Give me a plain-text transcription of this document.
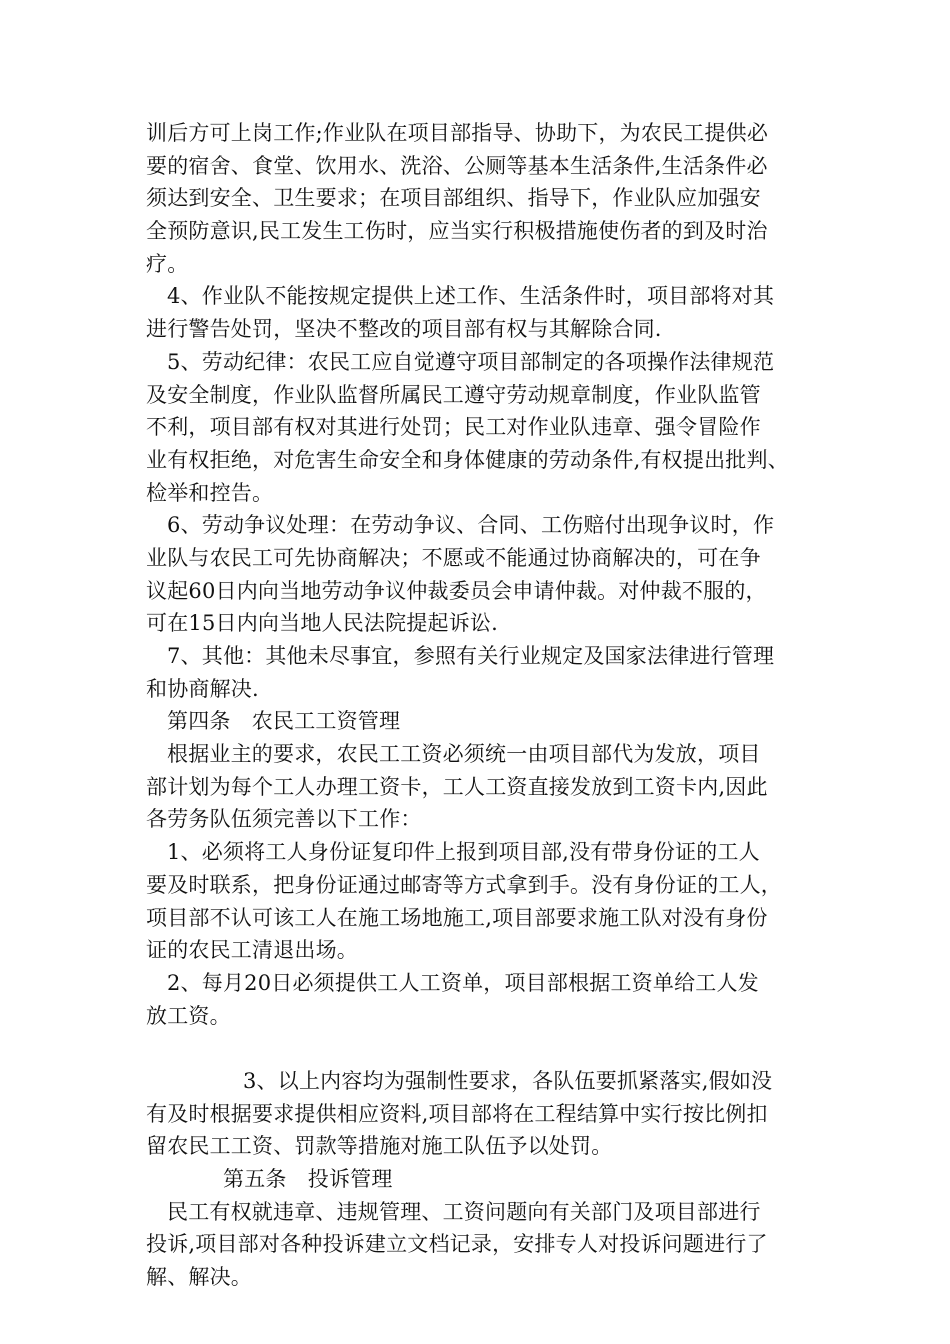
训后方可上岗工作;作业队在项目部指导、协助下，为农民工提供必
要的宿舍、食堂、饮用水、洗浴、公厕等基本生活条件,生活条件必
须达到安全、卫生要求；在项目部组织、指导下，作业队应加强安
全预防意识,民工发生工伤时，应当实行积极措施使伤者的到及时治
疗。
4、作业队不能按规定提供上述工作、生活条件时，项目部将对其
进行警告处罚，坚决不整改的项目部有权与其解除合同.
5、劳动纪律：农民工应自觉遵守项目部制定的各项操作法律规范
及安全制度，作业队监督所属民工遵守劳动规章制度，作业队监管
不利，项目部有权对其进行处罚；民工对作业队违章、强令冒险作
业有权拒绝，对危害生命安全和身体健康的劳动条件,有权提出批判、
检举和控告。
6、劳动争议处理：在劳动争议、合同、工伤赔付出现争议时，作
业队与农民工可先协商解决；不愿或不能通过协商解决的，可在争
议起60日内向当地劳动争议仲裁委员会申请仲裁。对仲裁不服的，
可在15日内向当地人民法院提起诉讼.
7、其他：其他未尽事宜，参照有关行业规定及国家法律进行管理
和协商解决.
第四条　农民工工资管理
根据业主的要求，农民工工资必须统一由项目部代为发放，项目
部计划为每个工人办理工资卡，工人工资直接发放到工资卡内,因此
各劳务队伍须完善以下工作：
1、必须将工人身份证复印件上报到项目部,没有带身份证的工人
要及时联系，把身份证通过邮寄等方式拿到手。没有身份证的工人，
项目部不认可该工人在施工场地施工,项目部要求施工队对没有身份
证的农民工清退出场。
2、每月20日必须提供工人工资单，项目部根据工资单给工人发
放工资。
3、以上内容均为强制性要求，各队伍要抓紧落实,假如没
有及时根据要求提供相应资料,项目部将在工程结算中实行按比例扣
留农民工工资、罚款等措施对施工队伍予以处罚。
第五条　投诉管理
民工有权就违章、违规管理、工资问题向有关部门及项目部进行
投诉,项目部对各种投诉建立文档记录，安排专人对投诉问题进行了
解、解决。
